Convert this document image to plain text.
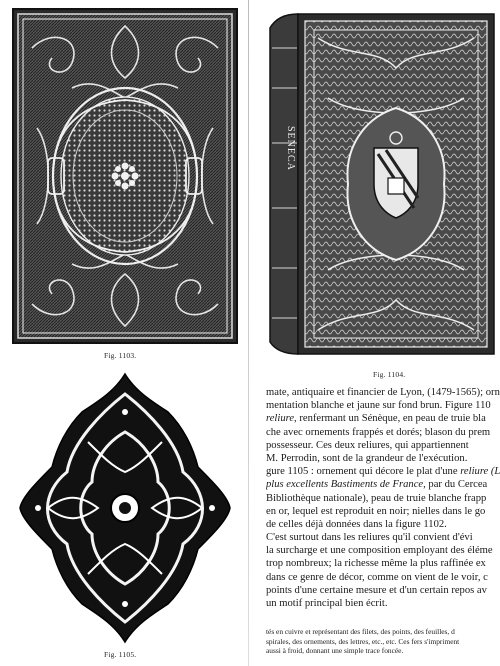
Fig. 1103.
SENECA
Fig. 1104.
Fig. 1105.
mate, antiquaire et financier de Lyon, (1479-1565); orn
mentation blanche et jaune sur fond brun. Figure 110
reliure, renfermant un Sénèque, en peau de truie bla
che avec ornements frappés et dorés; blason du prem
possesseur. Ces deux reliures, qui appartiennent
M. Perrodin, sont de la grandeur de l'exécution.
gure 1105 : ornement qui décore le plat d'une reliure (L
plus excellents Bastiments de France, par du Cercea
Bibliothèque nationale), peau de truie blanche frapp
en or, lequel est reproduit en noir; nielles dans le go
de celles déjà données dans la figure 1102.
C'est surtout dans les reliures qu'il convient d'évi
la surcharge et une composition employant des éléme
trop nombreux; la richesse même la plus raffinée ex
dans ce genre de décor, comme on vient de le voir, c
points d'une certaine mesure et d'un certain repos av
un motif principal bien écrit.
tés en cuivre et représentant des filets, des points, des feuilles, d
spirales, des ornements, des lettres, etc., etc. Ces fers s'impriment
aussi à froid, donnant une simple trace foncée.
